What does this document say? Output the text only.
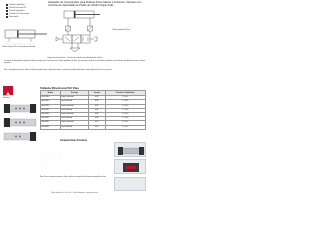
Aplicação de Composições para Práticas Pneumáticas e Ambiente: Valvulas com Controle de Velocidade de Pistão de Cilindro Duplo Ação
Cilindro Duplo Ação
Válvula Direcional 5/2
Válvula Reguladora
Unidade de Conservação
Fonte de Ar
Válvula direcional 5/2 vias acionada por solenoide
Válvula reguladora de fluxo
Esquema pneumático - Circuito de controle de velocidade do cilindro
O controle de velocidade do pistão de cilindro de dupla ação é feito através da válvula reguladora de fluxo, que restringe a saída de ar do cilindro permitindo o ajuste fino da velocidade de avanço e retorno do pistão.
Para a montagem do circuito, utilize as válvulas listadas abaixo, verificando sempre a pressão de trabalho indicada em cada modelo antes de iniciar a prática.
PARKER
Automação
Válvula Direcional 5/2 Vias
Modelo	Descrição	Conexão	Pressão de Trabalho (bar)
B5x0-1MPn	Simples Solenoide	G1/8"	2,5 a 8,0
B5x0-1MPC	Duplo Solenoide	G1/8"	1,5 a 8,0
B5x0-2MPn	Simples Solenoide	G1/4"	2,5 a 8,0
B5x0-2MPC	Duplo Solenoide	G1/4"	1,5 a 8,0
B5x0-3MPn	Simples Solenoide	G3/8"	2,5 a 8,0
B5x0-3MPC	Duplo Solenoide	G3/8"	1,5 a 8,0
B5x0-4MPn	Simples Solenoide	G1/2"	2,5 a 8,0
B5x0-4MPC	Duplo Solenoide	G1/2"	1,5 a 8,0
Características Técnicas
Fluido: ar comprimido filtrado, lubrificado ou não
Temperatura de trabalho: -10 a 50 °C
Tensão da bobina: 24 VDC / 110 VAC / 220 VAC
Tolerância de tensão: ±10%
Potência: 2,5 W (DC) / 4,5 VA (AC)
Grau de proteção: IP65
Frequência máxima: 10 Hz
Montagem: individual ou em manifold
Nota: Para o acionamento manual, utilize o botão de emergência localizado no operador da válvula.
Parker Hannifin Ind. e Com. Ltda. - Divisão Automação - www.parker.com.br
